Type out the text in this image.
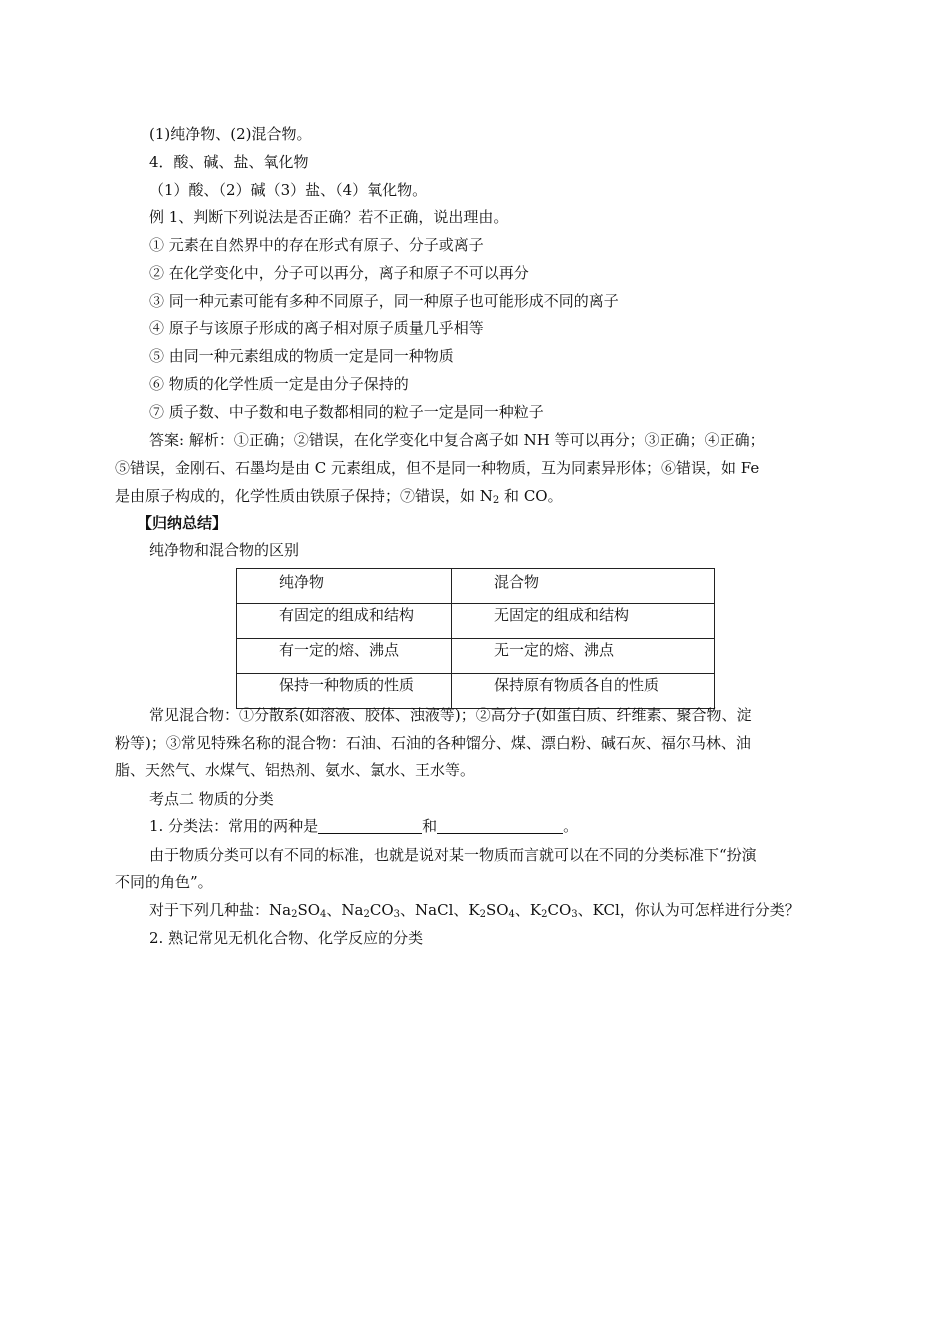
(1)纯净物、(2)混合物。
4．酸、碱、盐、氧化物
（1）酸、（2）碱（3）盐、（4）氧化物。
例 1、判断下列说法是否正确？若不正确，说出理由。
① 元素在自然界中的存在形式有原子、分子或离子
② 在化学变化中，分子可以再分，离子和原子不可以再分
③ 同一种元素可能有多种不同原子，同一种原子也可能形成不同的离子
④ 原子与该原子形成的离子相对原子质量几乎相等
⑤ 由同一种元素组成的物质一定是同一种物质
⑥ 物质的化学性质一定是由分子保持的
⑦ 质子数、中子数和电子数都相同的粒子一定是同一种粒子
答案: 解析：①正确；②错误，在化学变化中复合离子如 NH 等可以再分；③正确；④正确；
⑤错误，金刚石、石墨均是由 C 元素组成，但不是同一种物质，互为同素异形体；⑥错误，如 Fe
是由原子构成的，化学性质由铁原子保持；⑦错误，如 $N_2$ 和 CO。
【归纳总结】
纯净物和混合物的区别
纯净物	混合物
有固定的组成和结构	无固定的组成和结构
有一定的熔、沸点	无一定的熔、沸点
保持一种物质的性质	保持原有物质各自的性质
常见混合物：①分散系(如溶液、胶体、浊液等)；②高分子(如蛋白质、纤维素、聚合物、淀
粉等)；③常见特殊名称的混合物：石油、石油的各种馏分、煤、漂白粉、碱石灰、福尔马林、油
脂、天然气、水煤气、铝热剂、氨水、氯水、王水等。
考点二 物质的分类
1. 分类法：常用的两种是	和	。
由于物质分类可以有不同的标准，也就是说对某一物质而言就可以在不同的分类标准下“扮演
不同的角色”。
对于下列几种盐：$Na_2SO_4$、$Na_2CO_3$、NaCl、$K_2SO_4$、$K_2CO_3$、KCl，你认为可怎样进行分类？
2. 熟记常见无机化合物、化学反应的分类
